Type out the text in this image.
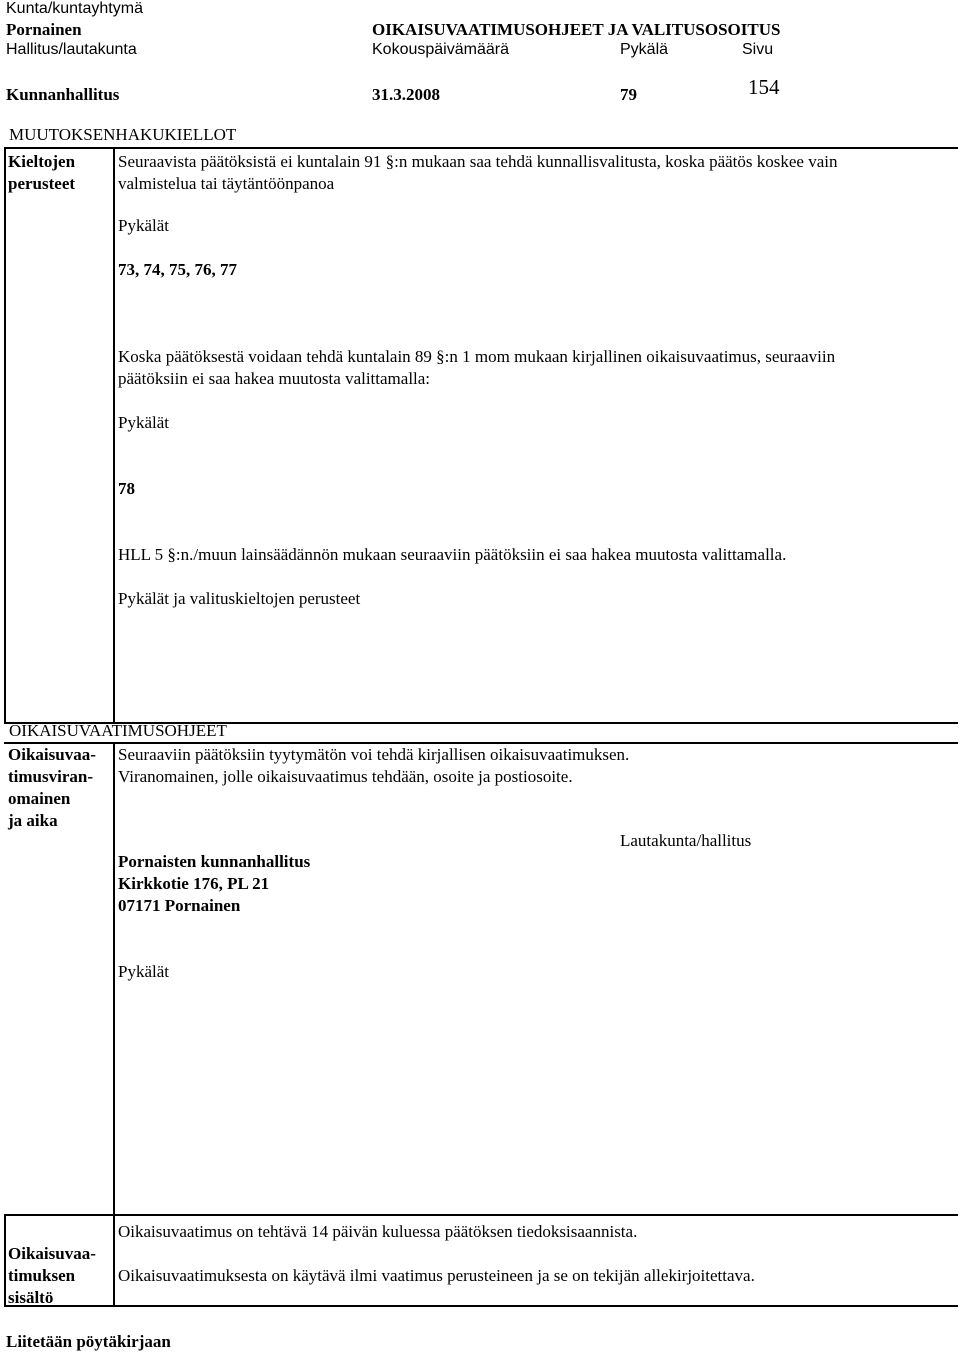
Kunta/kuntayhtymä
Pornainen	OIKAISUVAATIMUSOHJEET JA VALITUSOSOITUS
Hallitus/lautakunta	Kokouspäivämäärä	Pykälä	Sivu
Kunnanhallitus	31.3.2008	79	154
MUUTOKSENHAKUKIELLOT
Kieltojen
perusteet
Seuraavista päätöksistä ei kuntalain 91 §:n mukaan saa tehdä kunnallisvalitusta, koska päätös koskee vain
valmistelua tai täytäntöönpanoa
Pykälät
73, 74, 75, 76, 77
Koska päätöksestä voidaan tehdä kuntalain 89 §:n 1 mom mukaan kirjallinen oikaisuvaatimus, seuraaviin
päätöksiin ei saa hakea muutosta valittamalla:
Pykälät
78
HLL 5 §:n./muun lainsäädännön mukaan seuraaviin päätöksiin ei saa hakea muutosta valittamalla.
Pykälät ja valituskieltojen perusteet
OIKAISUVAATIMUSOHJEET
Oikaisuvaa-
timusviran-
omainen
ja aika
Seuraaviin päätöksiin tyytymätön voi tehdä kirjallisen oikaisuvaatimuksen.
Viranomainen, jolle oikaisuvaatimus tehdään, osoite ja postiosoite.
Lautakunta/hallitus
Pornaisten kunnanhallitus
Kirkkotie 176, PL 21
07171 Pornainen
Pykälät
Oikaisuvaatimus on tehtävä 14 päivän kuluessa päätöksen tiedoksisaannista.
Oikaisuvaa-
timuksen
sisältö
Oikaisuvaatimuksesta on käytävä ilmi vaatimus perusteineen ja se on tekijän allekirjoitettava.
Liitetään pöytäkirjaan
